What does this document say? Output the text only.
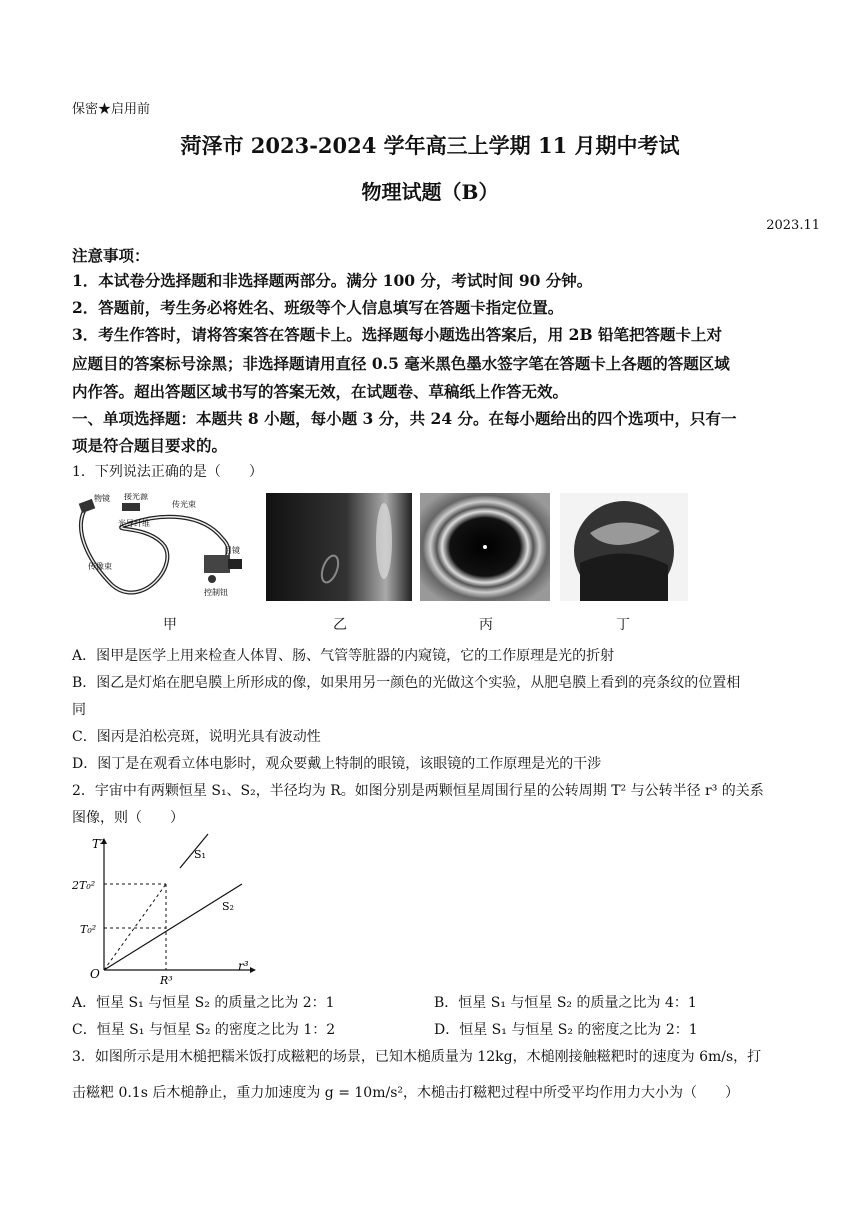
保密★启用前
菏泽市 2023-2024 学年高三上学期 11 月期中考试
物理试题（B）
2023.11
注意事项：
1．本试卷分选择题和非选择题两部分。满分 100 分，考试时间 90 分钟。
2．答题前，考生务必将姓名、班级等个人信息填写在答题卡指定位置。
3．考生作答时，请将答案答在答题卡上。选择题每小题选出答案后，用 2B 铅笔把答题卡上对
应题目的答案标号涂黑；非选择题请用直径 0.5 毫米黑色墨水签字笔在答题卡上各题的答题区域
内作答。超出答题区域书写的答案无效，在试题卷、草稿纸上作答无效。
一、单项选择题：本题共 8 小题，每小题 3 分，共 24 分。在每小题给出的四个选项中，只有一
项是符合题目要求的。
1．下列说法正确的是（　　）
物镜 接光源
传光束
光导纤维
传像束
目镜
控制钮
甲	乙	丙	丁
A．图甲是医学上用来检查人体胃、肠、气管等脏器的内窥镜，它的工作原理是光的折射
B．图乙是灯焰在肥皂膜上所形成的像，如果用另一颜色的光做这个实验，从肥皂膜上看到的亮条纹的位置相
同
C．图丙是泊松亮斑，说明光具有波动性
D．图丁是在观看立体电影时，观众要戴上特制的眼镜，该眼镜的工作原理是光的干涉
2．宇宙中有两颗恒星 S₁、S₂，半径均为 R。如图分别是两颗恒星周围行星的公转周期 T² 与公转半径 r³ 的关系
图像，则（　　）
T²
r³
O
2T₀²
T₀²
R³
S₁
S₂
A．恒星 S₁ 与恒星 S₂ 的质量之比为 2：1	B．恒星 S₁ 与恒星 S₂ 的质量之比为 4：1
C．恒星 S₁ 与恒星 S₂ 的密度之比为 1：2	D．恒星 S₁ 与恒星 S₂ 的密度之比为 2：1
3．如图所示是用木槌把糯米饭打成糍粑的场景，已知木槌质量为 12kg，木槌刚接触糍粑时的速度为 6m/s，打
击糍粑 0.1s 后木槌静止，重力加速度为 g = 10m/s²，木槌击打糍粑过程中所受平均作用力大小为（　　）
